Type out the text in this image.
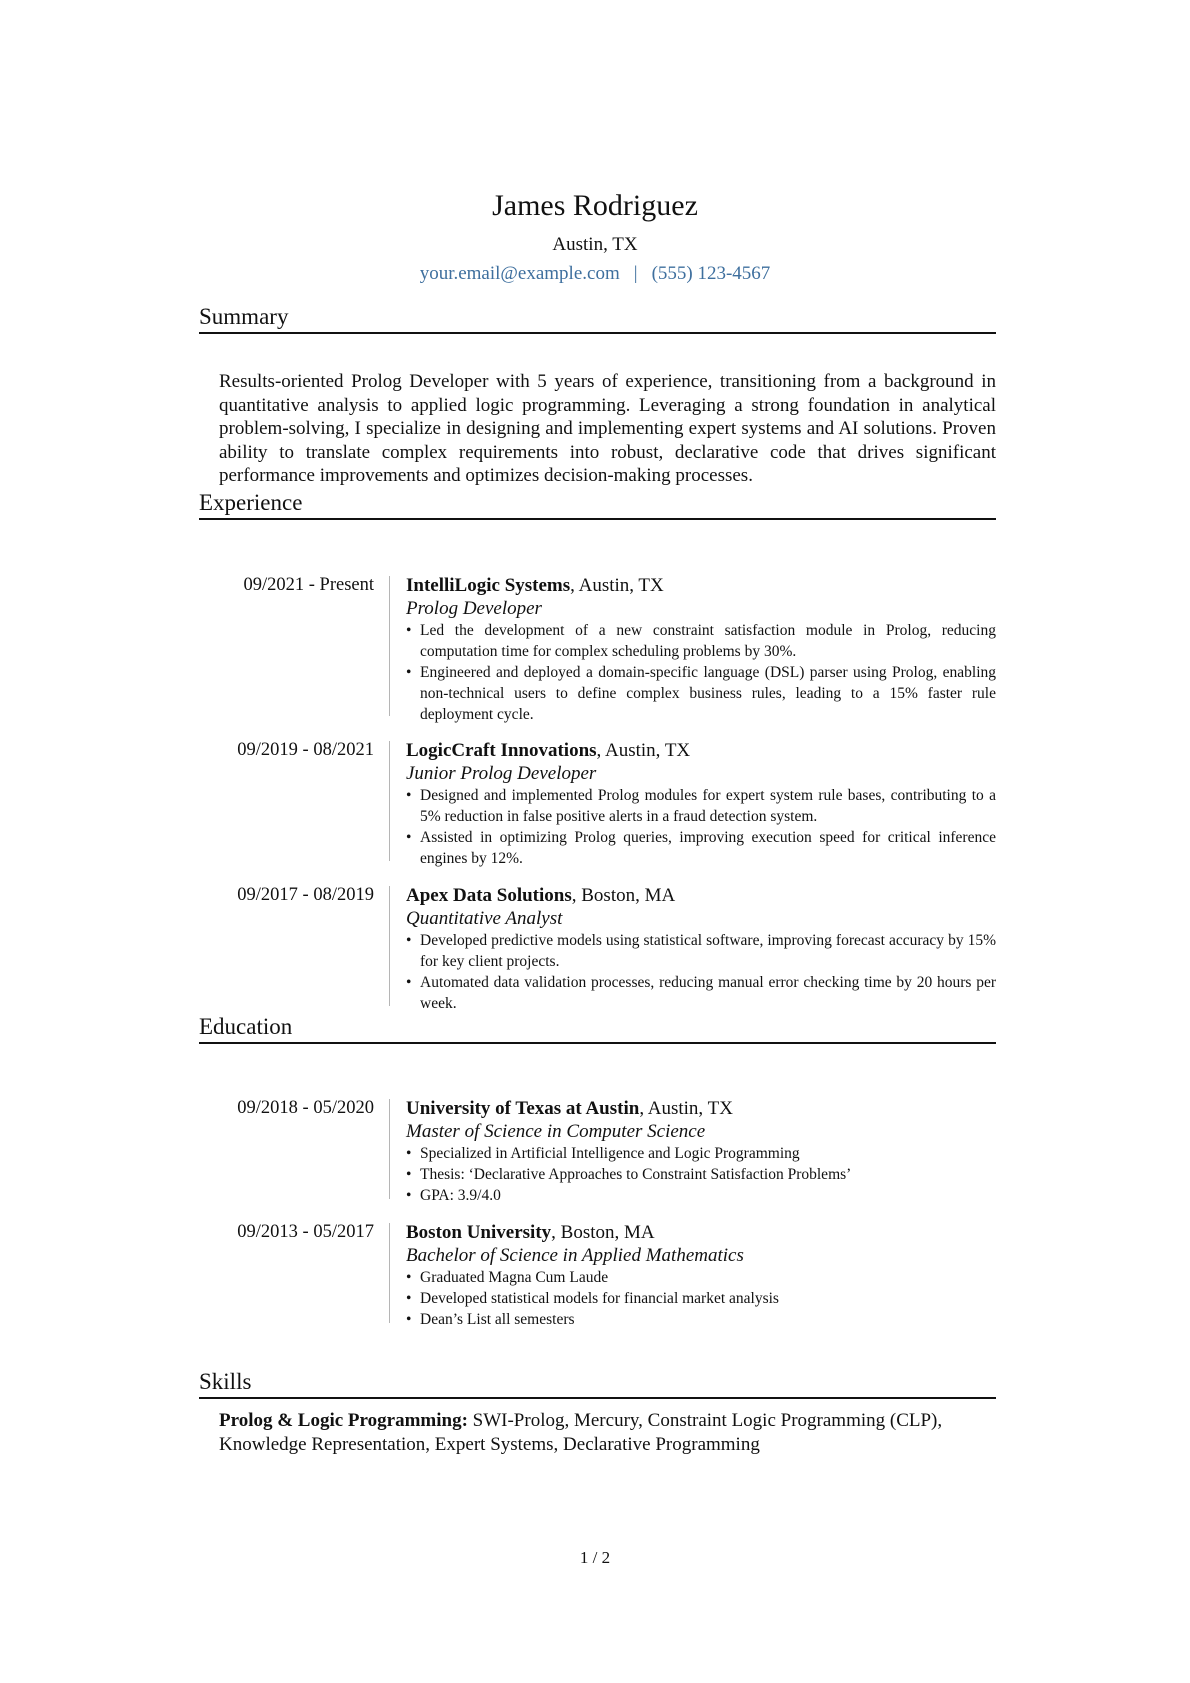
James Rodriguez
Austin, TX
your.email@example.com | (555) 123-4567
Summary
Results-oriented Prolog Developer with 5 years of experience, transitioning from a background in quantitative analysis to applied logic programming. Leveraging a strong foundation in analytical problem-solving, I specialize in designing and implementing expert systems and AI solutions. Proven ability to translate complex requirements into robust, declarative code that drives significant performance improvements and optimizes decision-making processes.
Experience
09/2021 - Present IntelliLogic Systems, Austin, TX
Prolog Developer
• Led the development of a new constraint satisfaction module in Prolog, reducing computation time for complex scheduling problems by 30%.
• Engineered and deployed a domain-specific language (DSL) parser using Prolog, enabling non-technical users to define complex business rules, leading to a 15% faster rule deployment cycle.
09/2019 - 08/2021 LogicCraft Innovations, Austin, TX
Junior Prolog Developer
• Designed and implemented Prolog modules for expert system rule bases, contributing to a 5% reduction in false positive alerts in a fraud detection system.
• Assisted in optimizing Prolog queries, improving execution speed for critical inference engines by 12%.
09/2017 - 08/2019 Apex Data Solutions, Boston, MA
Quantitative Analyst
• Developed predictive models using statistical software, improving forecast accuracy by 15% for key client projects.
• Automated data validation processes, reducing manual error checking time by 20 hours per week.
Education
09/2018 - 05/2020 University of Texas at Austin, Austin, TX
Master of Science in Computer Science
• Specialized in Artificial Intelligence and Logic Programming
• Thesis: ‘Declarative Approaches to Constraint Satisfaction Problems’
• GPA: 3.9/4.0
09/2013 - 05/2017 Boston University, Boston, MA
Bachelor of Science in Applied Mathematics
• Graduated Magna Cum Laude
• Developed statistical models for financial market analysis
• Dean’s List all semesters
Skills
Prolog & Logic Programming: SWI-Prolog, Mercury, Constraint Logic Programming (CLP), Knowledge Representation, Expert Systems, Declarative Programming
1 / 2
